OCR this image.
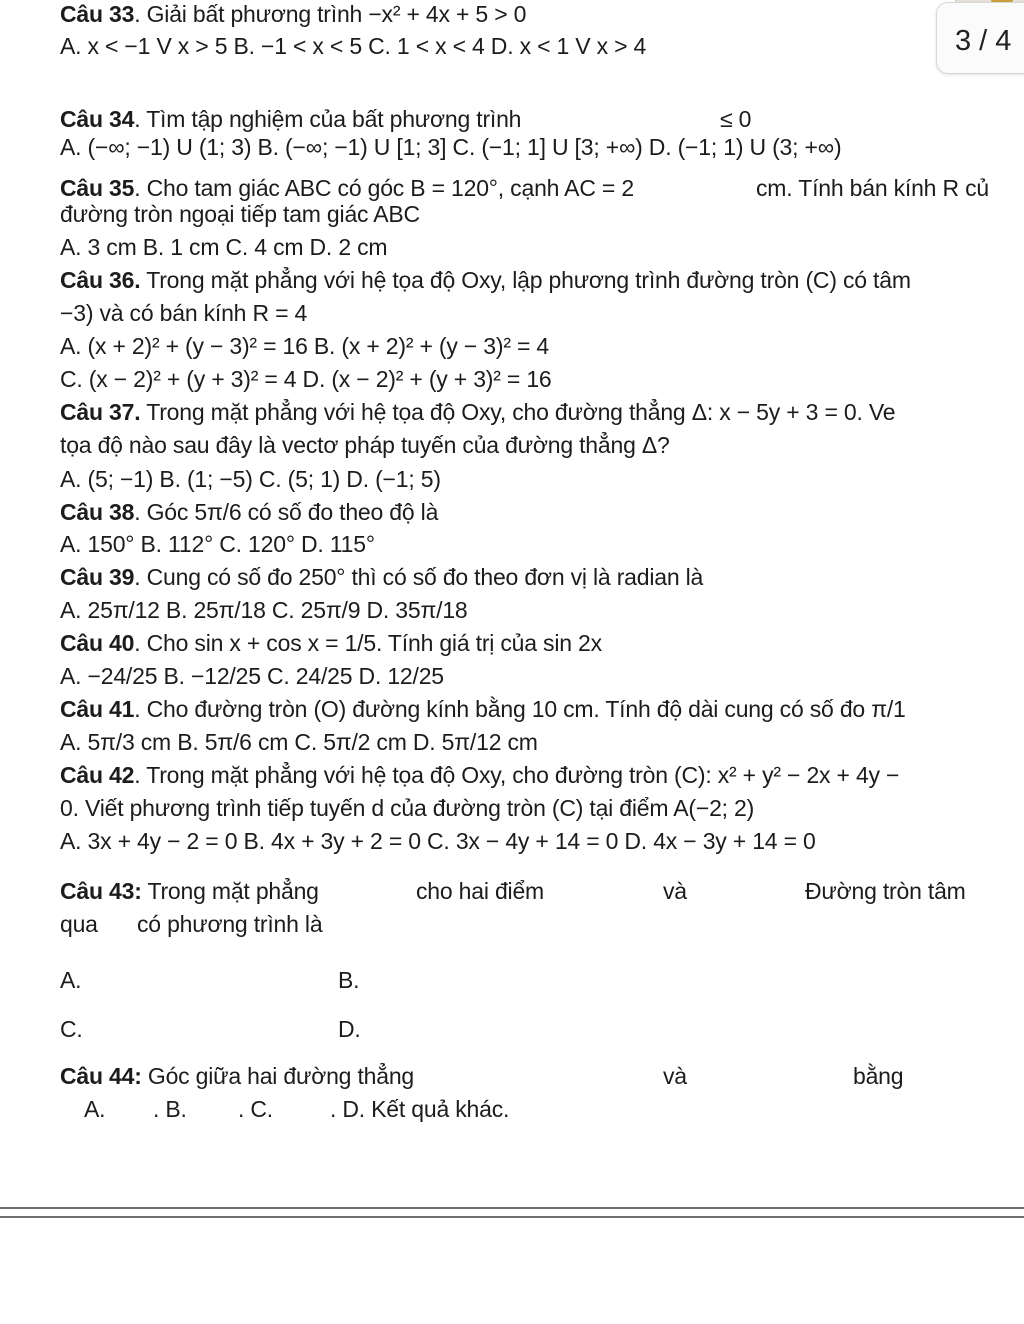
3 / 4
Câu 33. Giải bất phương trình −x² + 4x + 5 > 0
A. x < −1 V x > 5 B. −1 < x < 5 C. 1 < x < 4 D. x < 1 V x > 4
Câu 34. Tìm tập nghiệm của bất phương trình	≤ 0
A. (−∞; −1) U (1; 3) B. (−∞; −1) U [1; 3] C. (−1; 1] U [3; +∞) D. (−1; 1) U (3; +∞)
Câu 35. Cho tam giác ABC có góc B = 120°, cạnh AC = 2	cm. Tính bán kính R củ
đường tròn ngoại tiếp tam giác ABC
A. 3 cm B. 1 cm C. 4 cm D. 2 cm
Câu 36. Trong mặt phẳng với hệ tọa độ Oxy, lập phương trình đường tròn (C) có tâm
−3) và có bán kính R = 4
A. (x + 2)² + (y − 3)² = 16 B. (x + 2)² + (y − 3)² = 4
C. (x − 2)² + (y + 3)² = 4 D. (x − 2)² + (y + 3)² = 16
Câu 37. Trong mặt phẳng với hệ tọa độ Oxy, cho đường thẳng Δ: x − 5y + 3 = 0. Ve
tọa độ nào sau đây là vectơ pháp tuyến của đường thẳng Δ?
A. (5; −1) B. (1; −5) C. (5; 1) D. (−1; 5)
Câu 38. Góc 5π/6 có số đo theo độ là
A. 150° B. 112° C. 120° D. 115°
Câu 39. Cung có số đo 250° thì có số đo theo đơn vị là radian là
A. 25π/12 B. 25π/18 C. 25π/9 D. 35π/18
Câu 40. Cho sin x + cos x = 1/5. Tính giá trị của sin 2x
A. −24/25 B. −12/25 C. 24/25 D. 12/25
Câu 41. Cho đường tròn (O) đường kính bằng 10 cm. Tính độ dài cung có số đo π/1
A. 5π/3 cm B. 5π/6 cm C. 5π/2 cm D. 5π/12 cm
Câu 42. Trong mặt phẳng với hệ tọa độ Oxy, cho đường tròn (C): x² + y² − 2x + 4y −
0. Viết phương trình tiếp tuyến d của đường tròn (C) tại điểm A(−2; 2)
A. 3x + 4y − 2 = 0 B. 4x + 3y + 2 = 0 C. 3x − 4y + 14 = 0 D. 4x − 3y + 14 = 0
Câu 43: Trong mặt phẳng	cho hai điểm	và	Đường tròn tâm
qua có phương trình là
A.	B.
C.	D.
Câu 44: Góc giữa hai đường thẳng	và	bằng
A. . B. . C. . D. Kết quả khác.
